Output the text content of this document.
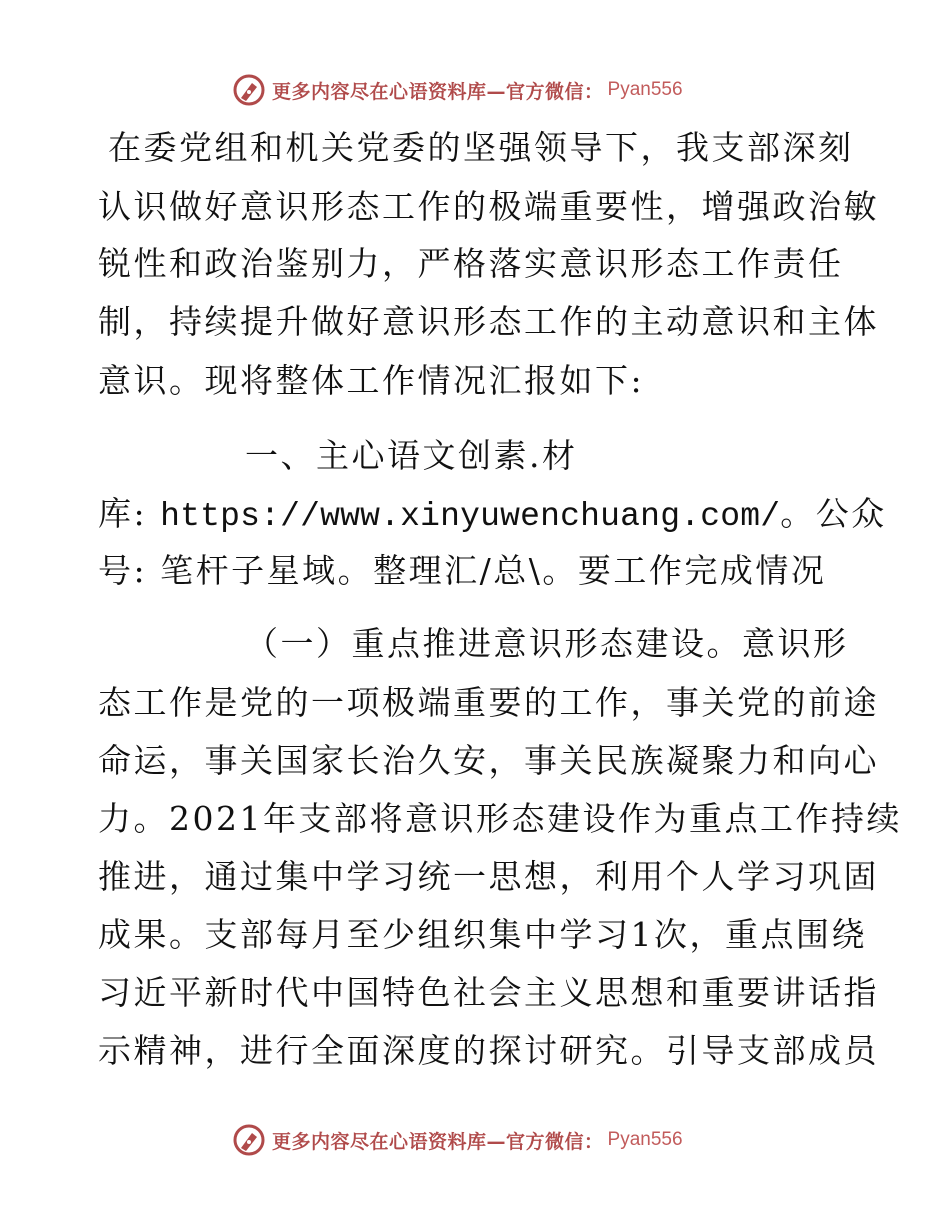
更多内容尽在心语资料库—官方微信： Pyan556
在委党组和机关党委的坚强领导下，我支部深刻
认识做好意识形态工作的极端重要性，增强政治敏
锐性和政治鉴别力，严格落实意识形态工作责任
制，持续提升做好意识形态工作的主动意识和主体
意识。现将整体工作情况汇报如下:
一、主心语文创素.材
库: https://www.xinyuwenchuang.com/。公众
号: 笔杆子星域。整理汇/总\。要工作完成情况
（一）重点推进意识形态建设。意识形
态工作是党的一项极端重要的工作，事关党的前途
命运，事关国家长治久安，事关民族凝聚力和向心
力。2021年支部将意识形态建设作为重点工作持续
推进，通过集中学习统一思想，利用个人学习巩固
成果。支部每月至少组织集中学习1次，重点围绕
习近平新时代中国特色社会主义思想和重要讲话指
示精神，进行全面深度的探讨研究。引导支部成员
更多内容尽在心语资料库—官方微信： Pyan556
